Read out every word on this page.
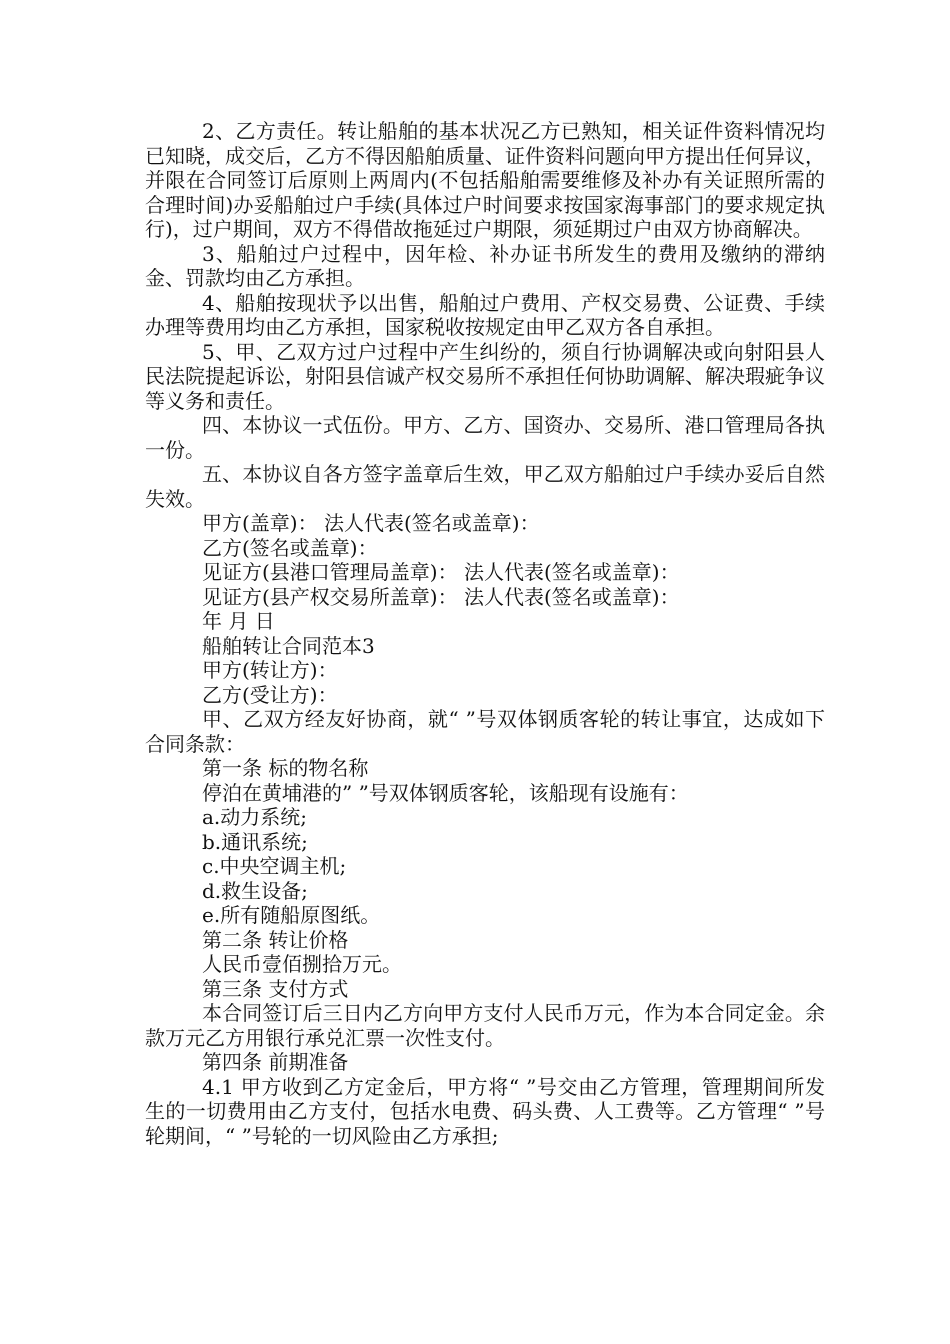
2、乙方责任。转让船舶的基本状况乙方已熟知，相关证件资料情况均已知晓，成交后，乙方不得因船舶质量、证件资料问题向甲方提出任何异议，并限在合同签订后原则上两周内(不包括船舶需要维修及补办有关证照所需的合理时间)办妥船舶过户手续(具体过户时间要求按国家海事部门的要求规定执行)，过户期间，双方不得借故拖延过户期限，须延期过户由双方协商解决。

3、船舶过户过程中，因年检、补办证书所发生的费用及缴纳的滞纳金、罚款均由乙方承担。

4、船舶按现状予以出售，船舶过户费用、产权交易费、公证费、手续办理等费用均由乙方承担，国家税收按规定由甲乙双方各自承担。

5、甲、乙双方过户过程中产生纠纷的，须自行协调解决或向射阳县人民法院提起诉讼，射阳县信诚产权交易所不承担任何协助调解、解决瑕疵争议等义务和责任。

四、本协议一式伍份。甲方、乙方、国资办、交易所、港口管理局各执一份。

五、本协议自各方签字盖章后生效，甲乙双方船舶过户手续办妥后自然失效。

甲方(盖章)： 法人代表(签名或盖章)：
乙方(签名或盖章)：
见证方(县港口管理局盖章)： 法人代表(签名或盖章)：
见证方(县产权交易所盖章)： 法人代表(签名或盖章)：
年 月 日
船舶转让合同范本3
甲方(转让方)：
乙方(受让方)：

甲、乙双方经友好协商，就“ ”号双体钢质客轮的转让事宜，达成如下合同条款：

第一条 标的物名称
停泊在黄埔港的” ”号双体钢质客轮，该船现有设施有：
a.动力系统;
b.通讯系统;
c.中央空调主机;
d.救生设备;
e.所有随船原图纸。
第二条 转让价格
人民币壹佰捌拾万元。
第三条 支付方式

本合同签订后三日内乙方向甲方支付人民币万元，作为本合同定金。余款万元乙方用银行承兑汇票一次性支付。

第四条 前期准备

4.1 甲方收到乙方定金后，甲方将“ ”号交由乙方管理，管理期间所发生的一切费用由乙方支付，包括水电费、码头费、人工费等。乙方管理“ ”号轮期间，“ ”号轮的一切风险由乙方承担;
